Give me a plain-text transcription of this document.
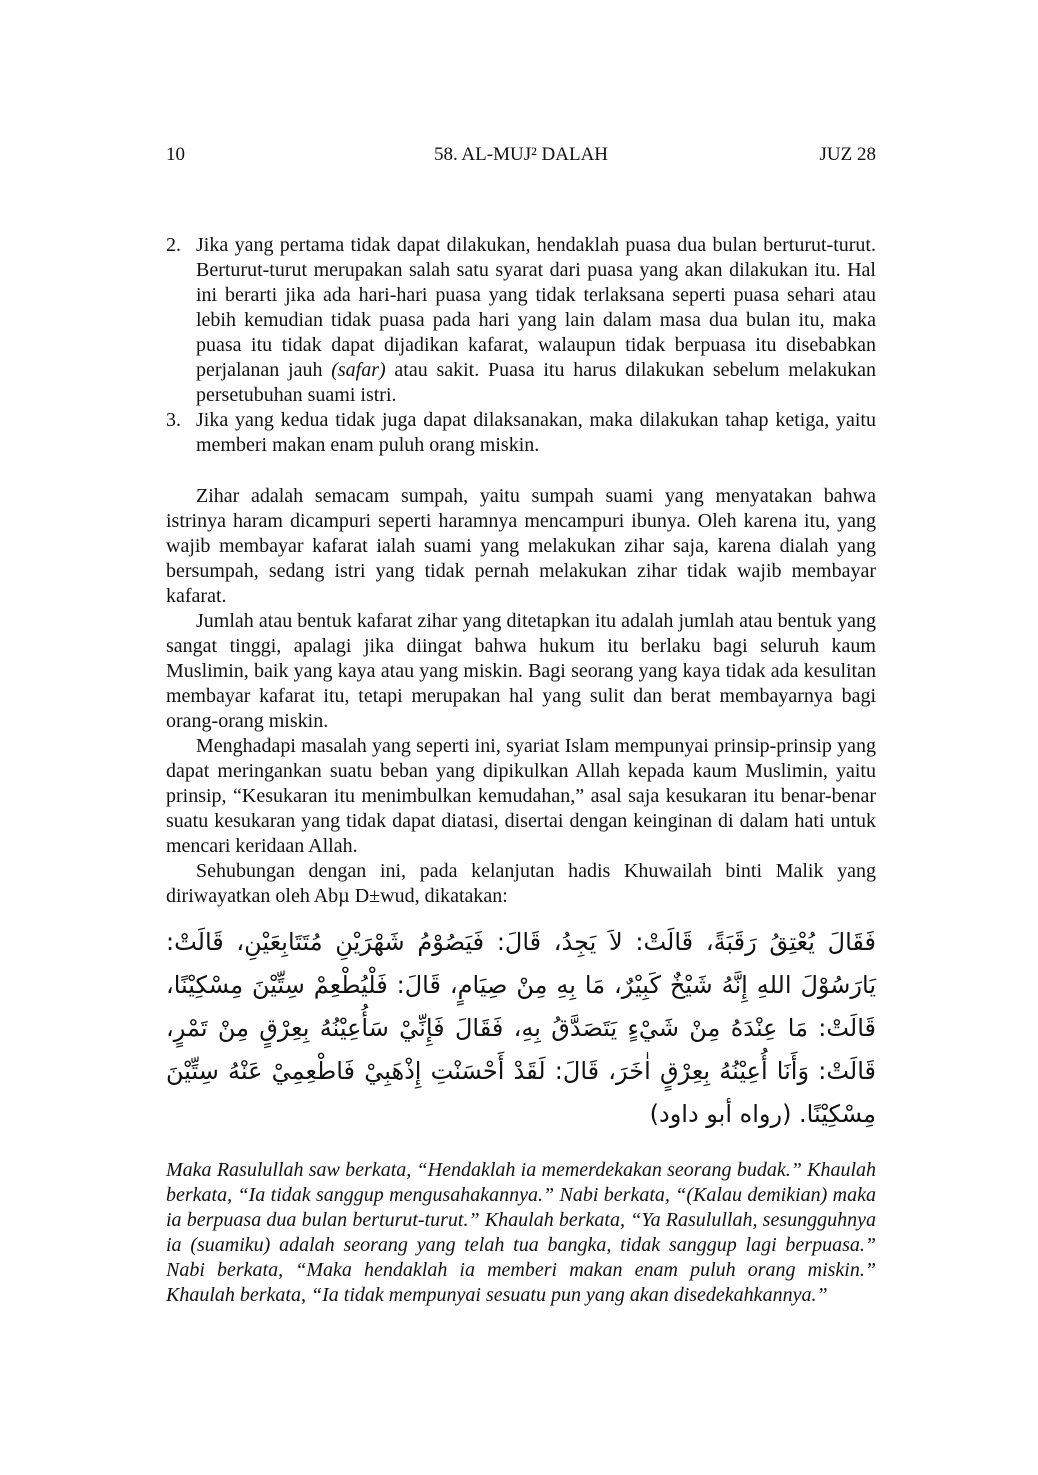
10	58. AL-MUJ² DALAH	JUZ 28
2. Jika yang pertama tidak dapat dilakukan, hendaklah puasa dua bulan berturut-turut. Berturut-turut merupakan salah satu syarat dari puasa yang akan dilakukan itu. Hal ini berarti jika ada hari-hari puasa yang tidak terlaksana seperti puasa sehari atau lebih kemudian tidak puasa pada hari yang lain dalam masa dua bulan itu, maka puasa itu tidak dapat dijadikan kafarat, walaupun tidak berpuasa itu disebabkan perjalanan jauh (safar) atau sakit. Puasa itu harus dilakukan sebelum melakukan persetubuhan suami istri.
3. Jika yang kedua tidak juga dapat dilaksanakan, maka dilakukan tahap ketiga, yaitu memberi makan enam puluh orang miskin.

Zihar adalah semacam sumpah, yaitu sumpah suami yang menyatakan bahwa istrinya haram dicampuri seperti haramnya mencampuri ibunya. Oleh karena itu, yang wajib membayar kafarat ialah suami yang melakukan zihar saja, karena dialah yang bersumpah, sedang istri yang tidak pernah melakukan zihar tidak wajib membayar kafarat.

Jumlah atau bentuk kafarat zihar yang ditetapkan itu adalah jumlah atau bentuk yang sangat tinggi, apalagi jika diingat bahwa hukum itu berlaku bagi seluruh kaum Muslimin, baik yang kaya atau yang miskin. Bagi seorang yang kaya tidak ada kesulitan membayar kafarat itu, tetapi merupakan hal yang sulit dan berat membayarnya bagi orang-orang miskin.

Menghadapi masalah yang seperti ini, syariat Islam mempunyai prinsip-prinsip yang dapat meringankan suatu beban yang dipikulkan Allah kepada kaum Muslimin, yaitu prinsip, “Kesukaran itu menimbulkan kemudahan,” asal saja kesukaran itu benar-benar suatu kesukaran yang tidak dapat diatasi, disertai dengan keinginan di dalam hati untuk mencari keridaan Allah.

Sehubungan dengan ini, pada kelanjutan hadis Khuwailah binti Malik yang diriwayatkan oleh Abµ D±wud, dikatakan:

فَقَالَ يُعْتِقُ رَقَبَةً، قَالَتْ: لاَ يَجِدُ، قَالَ: فَيَصُوْمُ شَهْرَيْنِ مُتَتَابِعَيْنِ، قَالَتْ: يَارَسُوْلَ اللهِ إِنَّهُ شَيْخٌ كَبِيْرٌ، مَا بِهِ مِنْ صِيَامٍ، قَالَ: فَلْيُطْعِمْ سِتِّيْنَ مِسْكِيْنًا، قَالَتْ: مَا عِنْدَهُ مِنْ شَيْءٍ يَتَصَدَّقُ بِهِ، فَقَالَ فَإِنِّيْ سَأُعِيْنُهُ بِعِرْقٍ مِنْ تَمْرٍ، قَالَتْ: وَأَنَا أُعِيْنُهُ بِعِرْقٍ اٰخَرَ، قَالَ: لَقَدْ أَحْسَنْتِ إِذْهَبِيْ فَاطْعِمِيْ عَنْهُ سِتِّيْنَ مِسْكِيْنًا. (رواه أبو داود)
Maka Rasulullah saw berkata, “Hendaklah ia memerdekakan seorang budak.” Khaulah berkata, “Ia tidak sanggup mengusahakannya.” Nabi berkata, “(Kalau demikian) maka ia berpuasa dua bulan berturut-turut.” Khaulah berkata, “Ya Rasulullah, sesungguhnya ia (suamiku) adalah seorang yang telah tua bangka, tidak sanggup lagi berpuasa.” Nabi berkata, “Maka hendaklah ia memberi makan enam puluh orang miskin.” Khaulah berkata, “Ia tidak mempunyai sesuatu pun yang akan disedekahkannya.”
